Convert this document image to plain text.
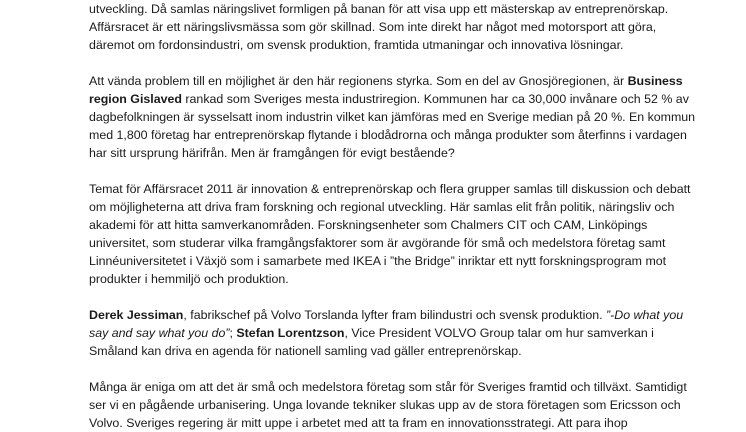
utveckling. Då samlas näringslivet formligen på banan för att visa upp ett mästerskap av entreprenörskap.
Affärsracet är ett näringslivsmässa som gör skillnad. Som inte direkt har något med motorsport att göra,
däremot om fordonsindustri, om svensk produktion, framtida utmaningar och innovativa lösningar.

Att vända problem till en möjlighet är den här regionens styrka. Som en del av Gnosjöregionen, är Business
region Gislaved rankad som Sveriges mesta industriregion. Kommunen har ca 30,000 invånare och 52 % av
dagbefolkningen är sysselsatt inom industrin vilket kan jämföras med en Sverige median på 20 %. En kommun
med 1,800 företag har entreprenörskap flytande i blodådrorna och många produkter som återfinns i vardagen
har sitt ursprung härifrån. Men är framgången för evigt bestående?

Temat för Affärsracet 2011 är innovation & entreprenörskap och flera grupper samlas till diskussion och debatt
om möjligheterna att driva fram forskning och regional utveckling. Här samlas elit från politik, näringsliv och
akademi för att hitta samverkanområden. Forskningsenheter som Chalmers CIT och CAM, Linköpings
universitet, som studerar vilka framgångsfaktorer som är avgörande för små och medelstora företag samt
Linnéuniversitetet i Växjö som i samarbete med IKEA i ”the Bridge” inriktar ett nytt forskningsprogram mot
produkter i hemmiljö och produktion.

Derek Jessiman, fabrikschef på Volvo Torslanda lyfter fram bilindustri och svensk produktion. ”-Do what you
say and say what you do”; Stefan Lorentzson, Vice President VOLVO Group talar om hur samverkan i
Småland kan driva en agenda för nationell samling vad gäller entreprenörskap.

Många är eniga om att det är små och medelstora företag som står för Sveriges framtid och tillväxt. Samtidigt
ser vi en pågående urbanisering. Unga lovande tekniker slukas upp av de stora företagen som Ericsson och
Volvo. Sveriges regering är mitt uppe i arbetet med att ta fram en innovationsstrategi. Att para ihop
